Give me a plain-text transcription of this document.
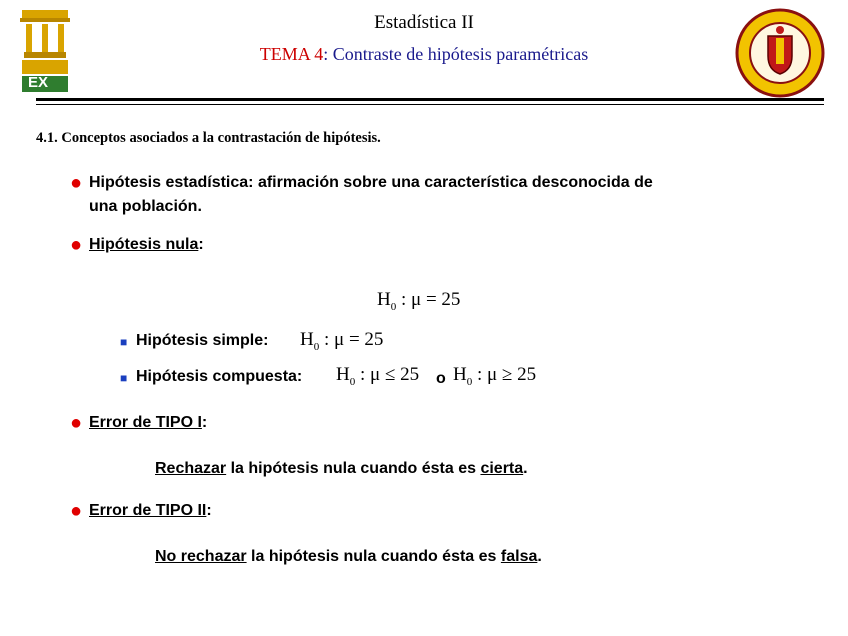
EX
Estadística II
TEMA 4: Contraste de hipótesis paramétricas
4.1. Conceptos asociados a la contrastación de hipótesis.
● Hipótesis estadística: afirmación sobre una característica desconocida de
una población.
● Hipótesis nula:
$H_0$ : μ = 25
■ Hipótesis simple: $H_0$ : μ = 25
■ Hipótesis compuesta: $H_0$ : μ ≤ 25 o $H_0$ : μ ≥ 25
● Error de TIPO I:
Rechazar la hipótesis nula cuando ésta es cierta.
● Error de TIPO II:
No rechazar la hipótesis nula cuando ésta es falsa.
